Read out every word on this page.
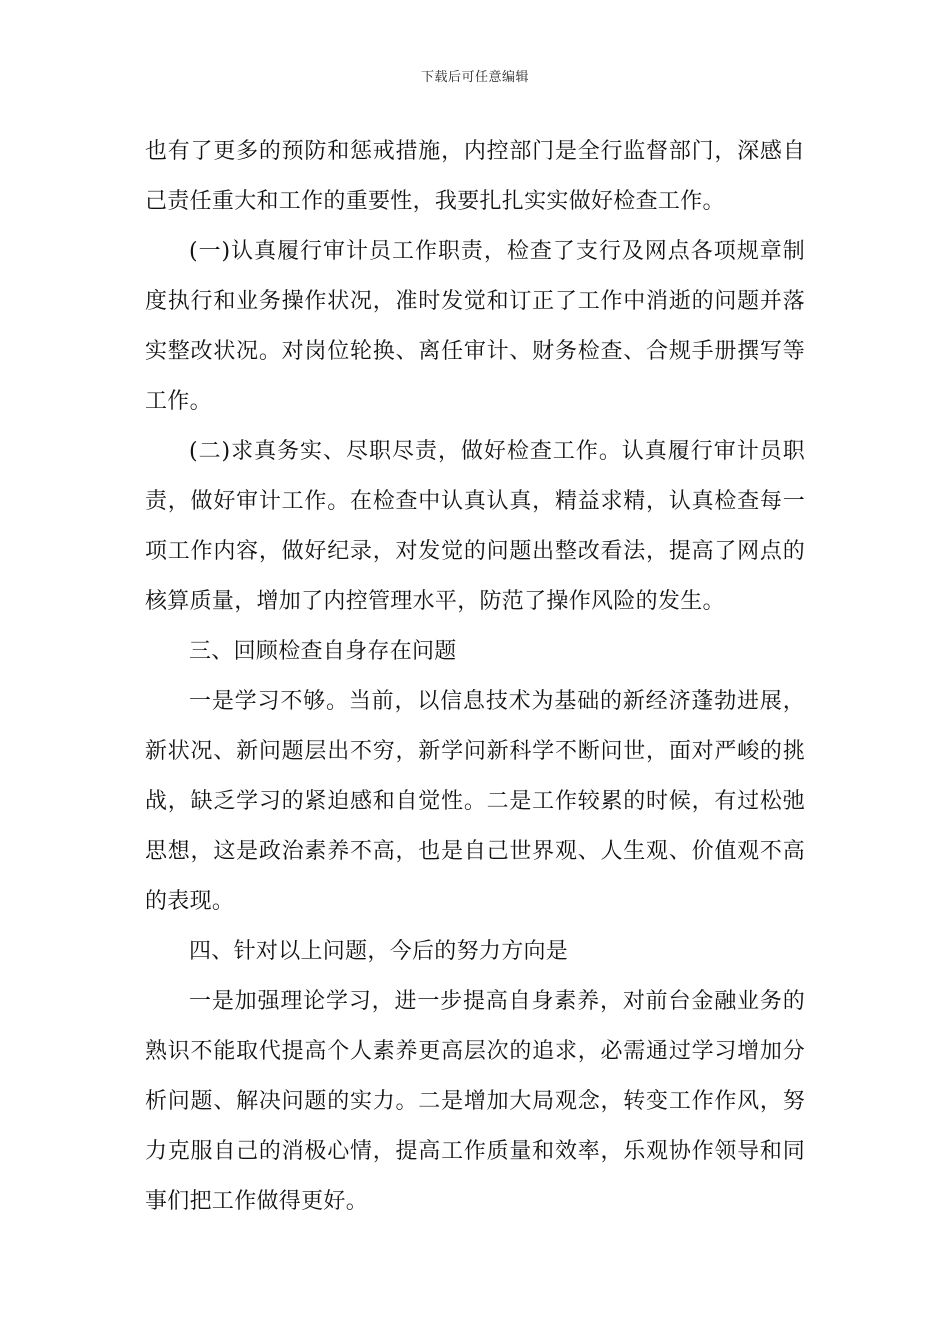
下载后可任意编辑

也有了更多的预防和惩戒措施，内控部门是全行监督部门，深感自己责任重大和工作的重要性，我要扎扎实实做好检查工作。

(一)认真履行审计员工作职责，检查了支行及网点各项规章制度执行和业务操作状况，准时发觉和订正了工作中消逝的问题并落实整改状况。对岗位轮换、离任审计、财务检查、合规手册撰写等工作。

(二)求真务实、尽职尽责，做好检查工作。认真履行审计员职责，做好审计工作。在检查中认真认真，精益求精，认真检查每一项工作内容，做好纪录，对发觉的问题出整改看法，提高了网点的核算质量，增加了内控管理水平，防范了操作风险的发生。

三、回顾检查自身存在问题

一是学习不够。当前，以信息技术为基础的新经济蓬勃进展，新状况、新问题层出不穷，新学问新科学不断问世，面对严峻的挑战，缺乏学习的紧迫感和自觉性。二是工作较累的时候，有过松弛思想，这是政治素养不高，也是自己世界观、人生观、价值观不高的表现。

四、针对以上问题，今后的努力方向是

一是加强理论学习，进一步提高自身素养，对前台金融业务的熟识不能取代提高个人素养更高层次的追求，必需通过学习增加分析问题、解决问题的实力。二是增加大局观念，转变工作作风，努力克服自己的消极心情，提高工作质量和效率，乐观协作领导和同事们把工作做得更好。
